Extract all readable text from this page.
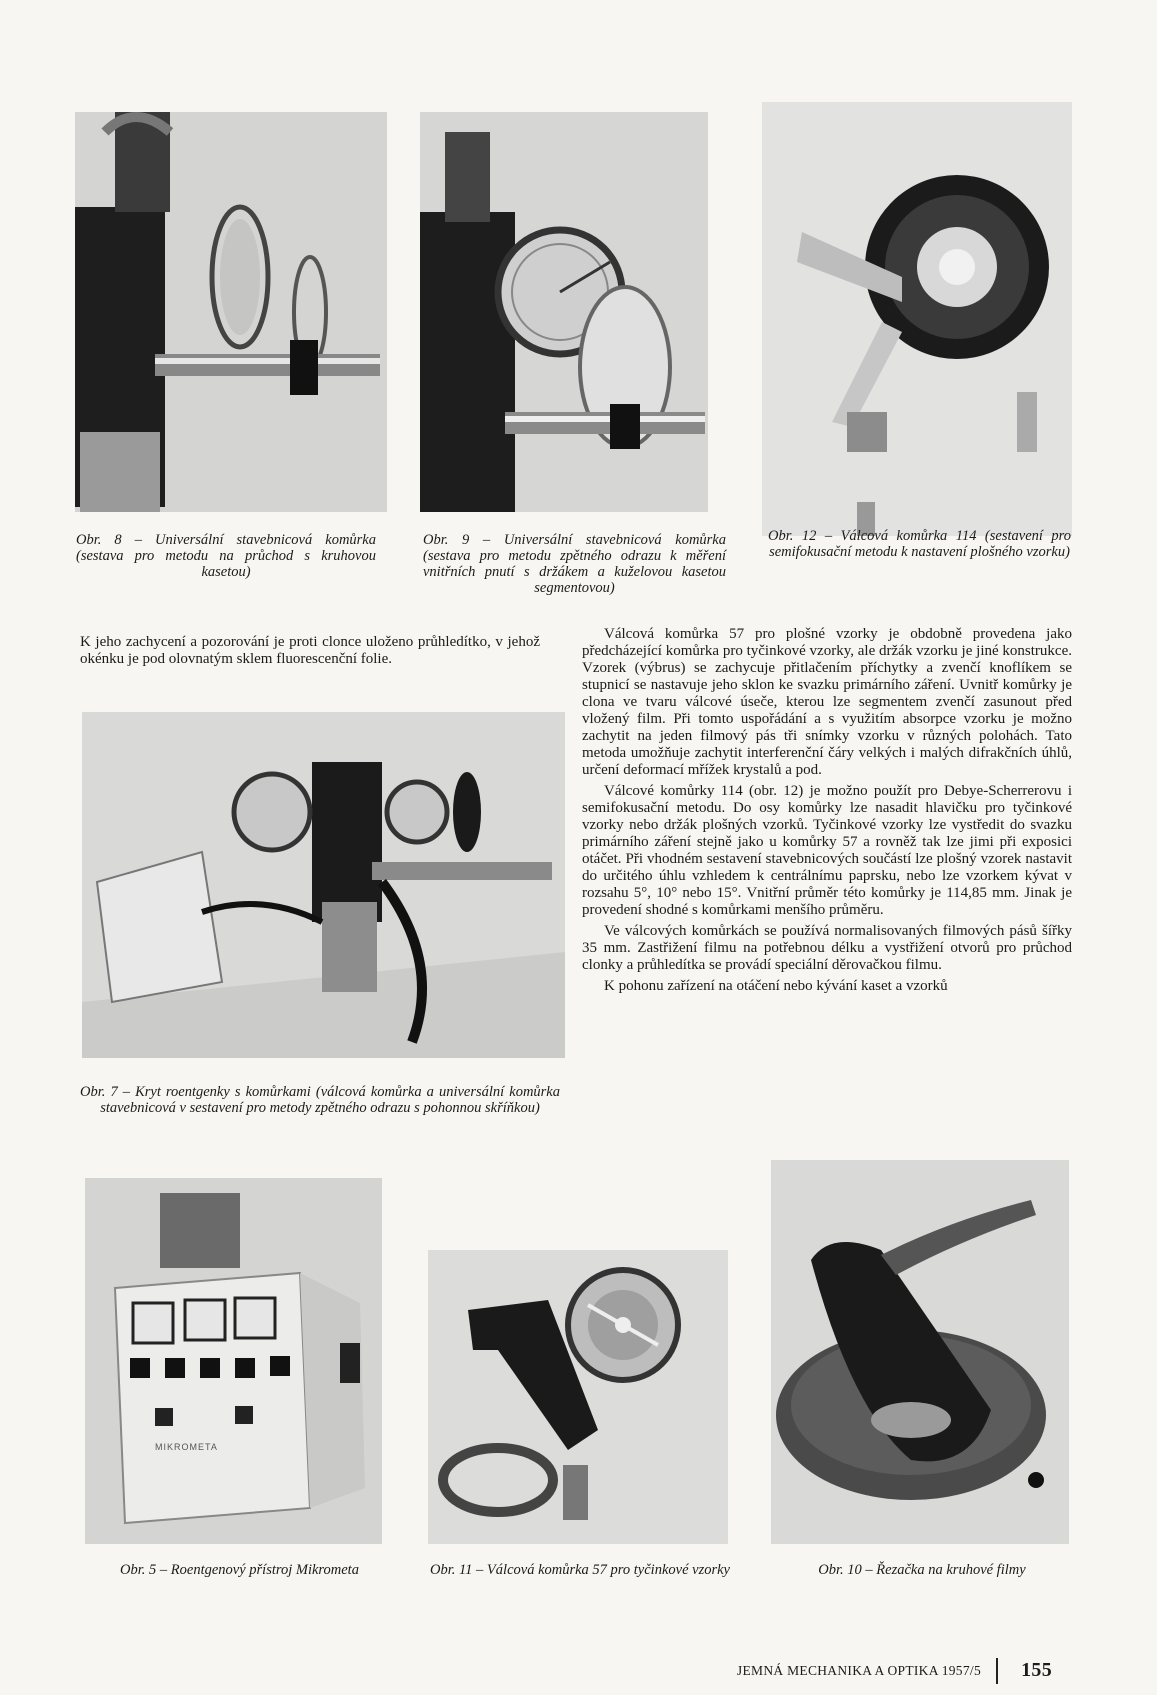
Obr. 8 – Universální stavebnicová komůrka (sestava pro metodu na průchod s kruhovou kasetou)
Obr. 9 – Universální stavebnicová komůrka (sestava pro metodu zpětného odrazu k měření vnitřních pnutí s držákem a kuželovou kasetou segmentovou)
Obr. 12 – Válcová komůrka 114 (sestavení pro semifokusační metodu k nastavení plošného vzorku)

K jeho zachycení a pozorování je proti clonce uloženo průhledítko, v jehož okénku je pod olovnatým sklem fluorescenční folie.

Obr. 7 – Kryt roentgenky s komůrkami (válcová komůrka a universální komůrka stavebnicová v sestavení pro metody zpětného odrazu s pohonnou skříňkou)

Válcová komůrka 57 pro plošné vzorky je obdobně provedena jako předcházející komůrka pro tyčinkové vzorky, ale držák vzorku je jiné konstrukce. Vzorek (výbrus) se zachycuje přitlačením příchytky a zvenčí knoflíkem se stupnicí se nastavuje jeho sklon ke svazku primárního záření. Uvnitř komůrky je clona ve tvaru válcové úseče, kterou lze segmentem zvenčí zasunout před vložený film. Při tomto uspořádání a s využitím absorpce vzorku je možno zachytit na jeden filmový pás tři snímky vzorku v různých polohách. Tato metoda umožňuje zachytit interferenční čáry velkých i malých difrakčních úhlů, určení deformací mřížek krystalů a pod.

Válcové komůrky 114 (obr. 12) je možno použít pro Debye-Scherrerovu i semifokusační metodu. Do osy komůrky lze nasadit hlavičku pro tyčinkové vzorky nebo držák plošných vzorků. Tyčinkové vzorky lze vystředit do svazku primárního záření stejně jako u komůrky 57 a rovněž tak lze jimi při exposici otáčet. Při vhodném sestavení stavebnicových součástí lze plošný vzorek nastavit do určitého úhlu vzhledem k centrálnímu paprsku, nebo lze vzorkem kývat v rozsahu 5°, 10° nebo 15°. Vnitřní průměr této komůrky je 114,85 mm. Jinak je provedení shodné s komůrkami menšího průměru.

Ve válcových komůrkách se používá normalisovaných filmových pásů šířky 35 mm. Zastřižení filmu na potřebnou délku a vystřižení otvorů pro průchod clonky a průhledítka se provádí speciální děrovačkou filmu.

K pohonu zařízení na otáčení nebo kývání kaset a vzorků

MIKROMETA
Obr. 5 – Roentgenový přístroj Mikrometa	Obr. 11 – Válcová komůrka 57 pro tyčinkové vzorky	Obr. 10 – Řezačka na kruhové filmy
JEMNÁ MECHANIKA A OPTIKA 1957/5 155
